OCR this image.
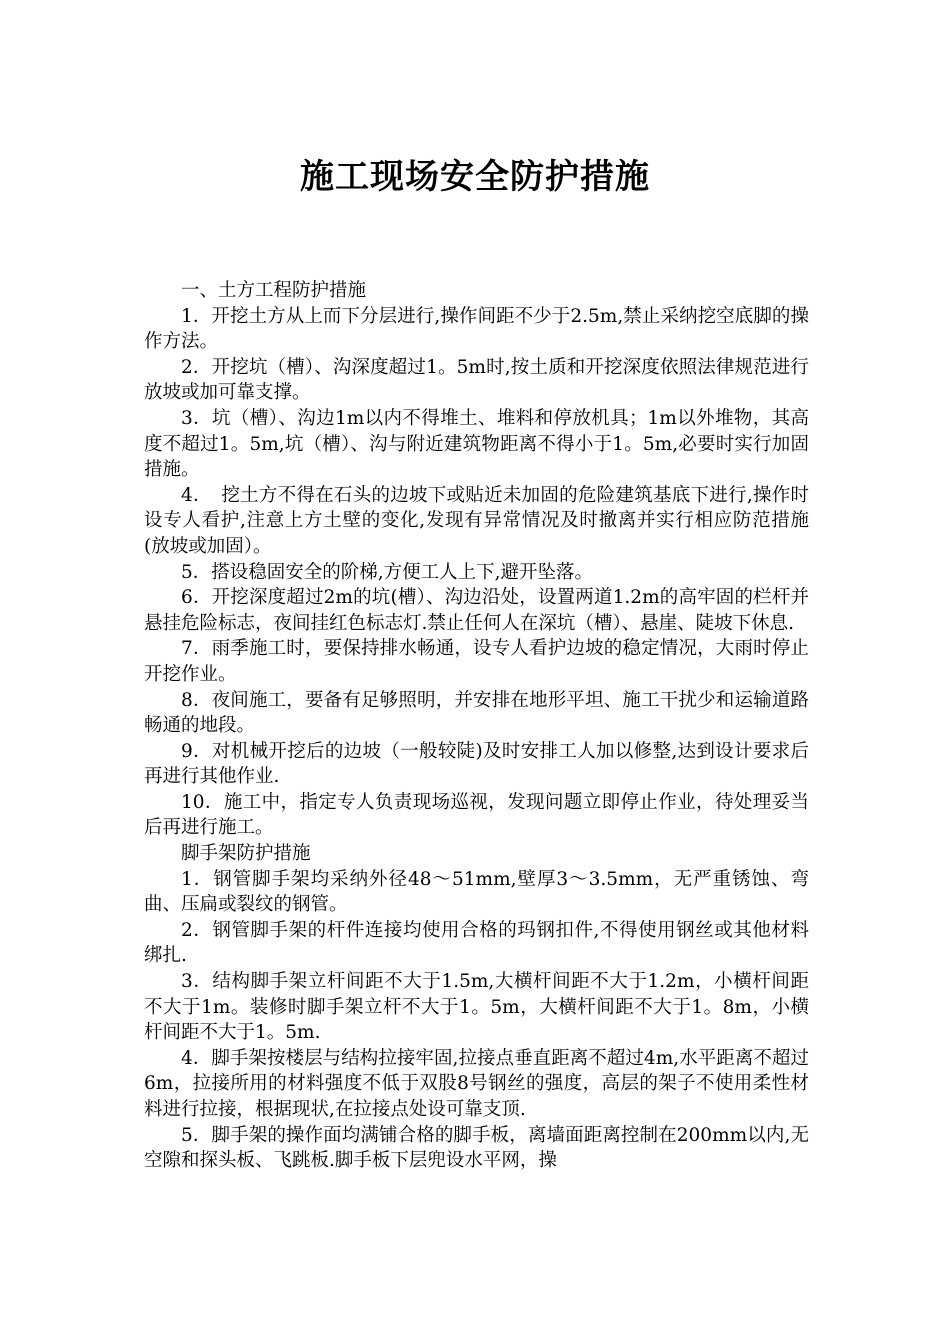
施工现场安全防护措施

一、土方工程防护措施

1．开挖土方从上而下分层进行,操作间距不少于2.5m,禁止采纳挖空底脚的操作方法。

2．开挖坑（槽）、沟深度超过1。5m时,按土质和开挖深度依照法律规范进行放坡或加可靠支撑。

3．坑（槽）、沟边1m以内不得堆土、堆料和停放机具；1m以外堆物，其高度不超过1。5m,坑（槽）、沟与附近建筑物距离不得小于1。5m,必要时实行加固措施。

4．　挖土方不得在石头的边坡下或贴近未加固的危险建筑基底下进行,操作时设专人看护,注意上方土壁的变化,发现有异常情况及时撤离并实行相应防范措施(放坡或加固）。

5．搭设稳固安全的阶梯,方便工人上下,避开坠落。

6．开挖深度超过2m的坑(槽）、沟边沿处，设置两道1.2m的高牢固的栏杆并悬挂危险标志，夜间挂红色标志灯.禁止任何人在深坑（槽）、悬崖、陡坡下休息.

7．雨季施工时，要保持排水畅通，设专人看护边坡的稳定情况，大雨时停止开挖作业。

8．夜间施工，要备有足够照明，并安排在地形平坦、施工干扰少和运输道路畅通的地段。

9．对机械开挖后的边坡（一般较陡)及时安排工人加以修整,达到设计要求后再进行其他作业.

10．施工中，指定专人负责现场巡视，发现问题立即停止作业，待处理妥当后再进行施工。

脚手架防护措施

1．钢管脚手架均采纳外径48～51mm,壁厚3～3.5mm，无严重锈蚀、弯曲、压扁或裂纹的钢管。

2．钢管脚手架的杆件连接均使用合格的玛钢扣件,不得使用钢丝或其他材料绑扎.

3．结构脚手架立杆间距不大于1.5m,大横杆间距不大于1.2m，小横杆间距不大于1m。装修时脚手架立杆不大于1。5m，大横杆间距不大于1。8m，小横杆间距不大于1。5m.

4．脚手架按楼层与结构拉接牢固,拉接点垂直距离不超过4m,水平距离不超过6m，拉接所用的材料强度不低于双股8号钢丝的强度，高层的架子不使用柔性材料进行拉接，根据现状,在拉接点处设可靠支顶.

5．脚手架的操作面均满铺合格的脚手板，离墙面距离控制在200mm以内,无空隙和探头板、飞跳板.脚手板下层兜设水平网，操
